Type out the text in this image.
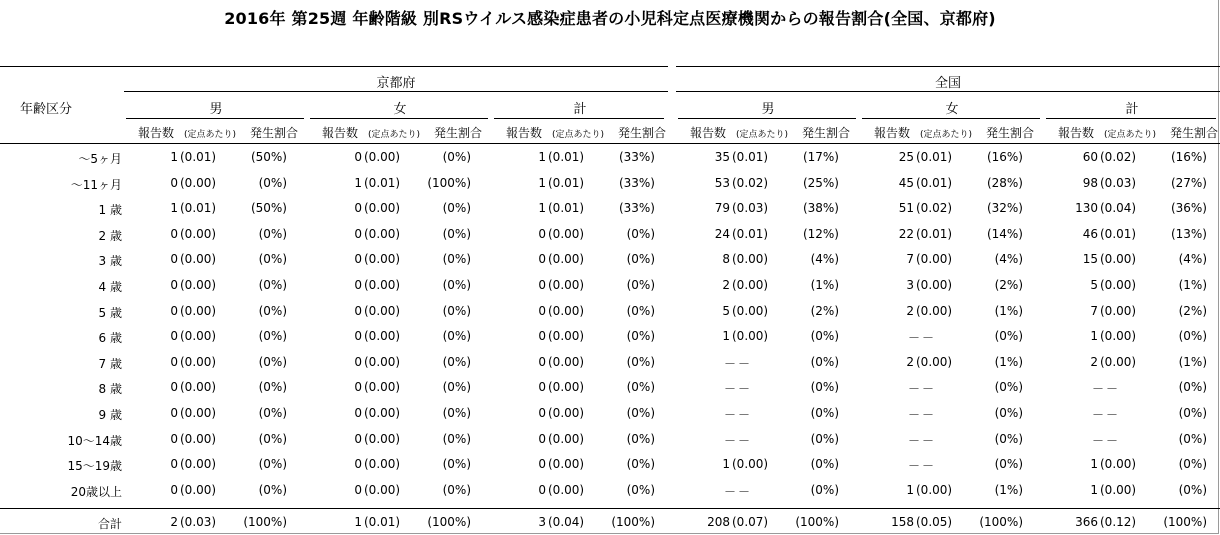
2016年 第25週 年齢階級 別RSウイルス感染症患者の小児科定点医療機関からの報告割合(全国、京都府)
年齢区分
京都府	全国
男
報告数 (定点あたり) 発生割合
女
報告数 (定点あたり) 発生割合
計
報告数 (定点あたり) 発生割合
男
報告数 (定点あたり) 発生割合
女
報告数 (定点あたり) 発生割合
計
報告数 (定点あたり) 発生割合
～5ヶ月	1 (0.01)	(50%)	0 (0.00)	(0%)	1 (0.01)	(33%)	35 (0.01)	(17%)	25 (0.01)	(16%)	60 (0.02)	(16%)
～11ヶ月	0 (0.00)	(0%)	1 (0.01)	(100%)	1 (0.01)	(33%)	53 (0.02)	(25%)	45 (0.01)	(28%)	98 (0.03)	(27%)
1 歳	1 (0.01)	(50%)	0 (0.00)	(0%)	1 (0.01)	(33%)	79 (0.03)	(38%)	51 (0.02)	(32%)	130 (0.04)	(36%)
2 歳	0 (0.00)	(0%)	0 (0.00)	(0%)	0 (0.00)	(0%)	24 (0.01)	(12%)	22 (0.01)	(14%)	46 (0.01)	(13%)
3 歳	0 (0.00)	(0%)	0 (0.00)	(0%)	0 (0.00)	(0%)	8 (0.00)	(4%)	7 (0.00)	(4%)	15 (0.00)	(4%)
4 歳	0 (0.00)	(0%)	0 (0.00)	(0%)	0 (0.00)	(0%)	2 (0.00)	(1%)	3 (0.00)	(2%)	5 (0.00)	(1%)
5 歳	0 (0.00)	(0%)	0 (0.00)	(0%)	0 (0.00)	(0%)	5 (0.00)	(2%)	2 (0.00)	(1%)	7 (0.00)	(2%)
6 歳	0 (0.00)	(0%)	0 (0.00)	(0%)	0 (0.00)	(0%)	1 (0.00)	(0%)	－－	(0%)	1 (0.00)	(0%)
7 歳	0 (0.00)	(0%)	0 (0.00)	(0%)	0 (0.00)	(0%)	－－	(0%)	2 (0.00)	(1%)	2 (0.00)	(1%)
8 歳	0 (0.00)	(0%)	0 (0.00)	(0%)	0 (0.00)	(0%)	－－	(0%)	－－	(0%)	－－	(0%)
9 歳	0 (0.00)	(0%)	0 (0.00)	(0%)	0 (0.00)	(0%)	－－	(0%)	－－	(0%)	－－	(0%)
10～14歳	0 (0.00)	(0%)	0 (0.00)	(0%)	0 (0.00)	(0%)	－－	(0%)	－－	(0%)	－－	(0%)
15～19歳	0 (0.00)	(0%)	0 (0.00)	(0%)	0 (0.00)	(0%)	1 (0.00)	(0%)	－－	(0%)	1 (0.00)	(0%)
20歳以上	0 (0.00)	(0%)	0 (0.00)	(0%)	0 (0.00)	(0%)	－－	(0%)	1 (0.00)	(1%)	1 (0.00)	(0%)
合計	2 (0.03)	(100%)	1 (0.01)	(100%)	3 (0.04)	(100%)	208 (0.07)	(100%)	158 (0.05)	(100%)	366 (0.12)	(100%)
